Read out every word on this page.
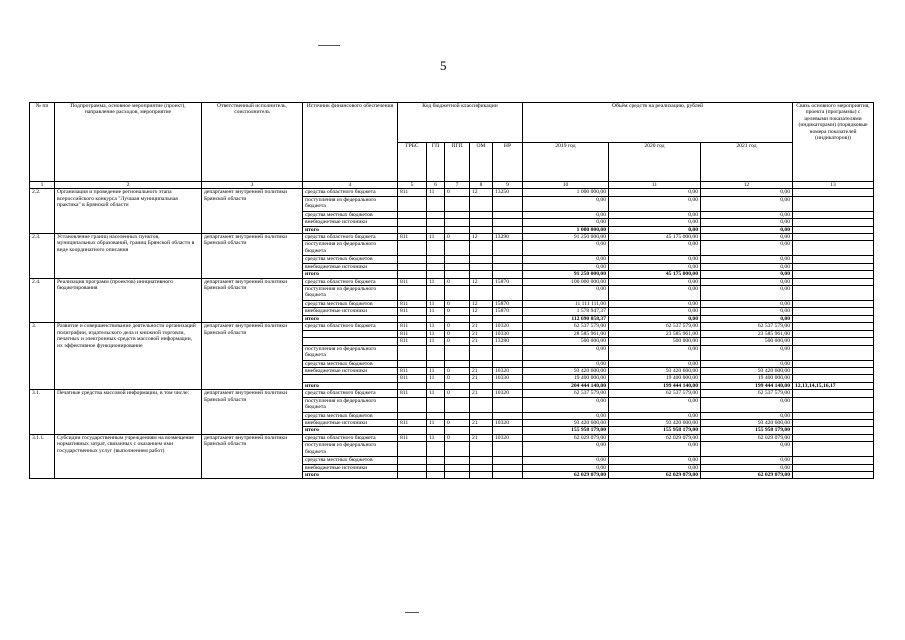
5
№ пп	Подпрограмма, основное мероприятие (проект), направление расходов, мероприятие	Ответственный исполнитель, соисполнитель	Источник финансового обеспечения	Код бюджетной классификации					Объём средств на реализацию, рублей			Связь основного мероприятия, проекта (программы) с целевыми показателями (индикаторами) (порядковые номера показателей (индикаторов))
				ГРБС	ГП	ПГП	ОМ	НР	2019 год	2020 год	2021 год	
1	2	3	4	5	6	7	8	9	10	11	12	13
2.2.	Организация и проведение регионального этапа всероссийского конкурса "Лучшая муниципальная практика" в Брянской области	департамент внутренней политики Брянской области	средства областного бюджета	811	11	0	12	13250	1 000 000,00	0,00	0,00	
			поступления из федерального бюджета						0,00	0,00	0,00	
			средства местных бюджетов						0,00	0,00	0,00	
			внебюджетные источники						0,00	0,00	0,00	
			итого						1 000 000,00	0,00	0,00	
2.3.	Установление границ населенных пунктов, муниципальных образований, границ Брянской области в виде координатного описания	департамент внутренней политики Брянской области	средства областного бюджета	811	11	0	12	13290	91 250 000,00	45 175 000,00	0,00	
			поступления из федерального бюджета						0,00	0,00	0,00	
			средства местных бюджетов						0,00	0,00	0,00	
			внебюджетные источники						0,00	0,00	0,00	
			итого						91 250 000,00	45 175 000,00	0,00	
2.4.	Реализация программ (проектов) инициативного бюджетирования	департамент внутренней политики Брянской области	средства областного бюджета	811	11	0	12	15870	100 000 000,00	0,00	0,00	
			поступления из федерального бюджета						0,00	0,00	0,00	
			средства местных бюджетов	811	11	0	12	15870	11 111 111,00	0,00	0,00	
			внебюджетные источники	811	11	0	12	15870	1 578 947,37	0,00	0,00	
			итого						112 690 058,37	0,00	0,00	
3.	Развитие и совершенствование деятельности организаций полиграфии, издательского дела и книжной торговли, печатных и электронных средств массовой информации, их эффективное функционирование	департамент внутренней политики Брянской области	средства областного бюджета	811	11	0	21	10320	62 537 579,00	62 537 579,00	62 537 579,00	
				811	11	0	21	10330	28 585 961,00	23 585 961,00	23 585 961,00	
				811	11	0	21	13280	500 000,00	500 000,00	500 000,00	
			поступления из федерального бюджета						0,00	0,00	0,00	
			средства местных бюджетов						0,00	0,00	0,00	
			внебюджетные источники	811	11	0	21	10320	93 420 600,00	93 420 600,00	93 420 600,00	
				811	11	0	21	10330	19 400 000,00	19 400 000,00	19 400 000,00	
			итого						204 444 140,00	199 444 140,00	199 444 140,00	12,13,14,15,16,17
3.1.	Печатные средства массовой информации, в том числе:	департамент внутренней политики Брянской области	средства областного бюджета	811	11	0	21	10320	62 537 579,00	62 537 579,00	62 537 579,00	
			поступления из федерального бюджета						0,00	0,00	0,00	
			средства местных бюджетов						0,00	0,00	0,00	
			внебюджетные источники	811	11	0	21	10320	93 420 600,00	93 420 600,00	93 420 600,00	
			итого						155 958 179,00	155 958 179,00	155 958 179,00	
3.1.1.	Субсидии государственным учреждениям на возмещение нормативных затрат, связанных с оказанием ими государственных услуг (выполнением работ)	департамент внутренней политики Брянской области	средства областного бюджета	811	11	0	21	10320	62 029 079,00	62 029 079,00	62 029 079,00	
			поступления из федерального бюджета						0,00	0,00	0,00	
			средства местных бюджетов						0,00	0,00	0,00	
			внебюджетные источники						0,00	0,00	0,00	
			итого						62 029 079,00	62 029 079,00	62 029 079,00	
